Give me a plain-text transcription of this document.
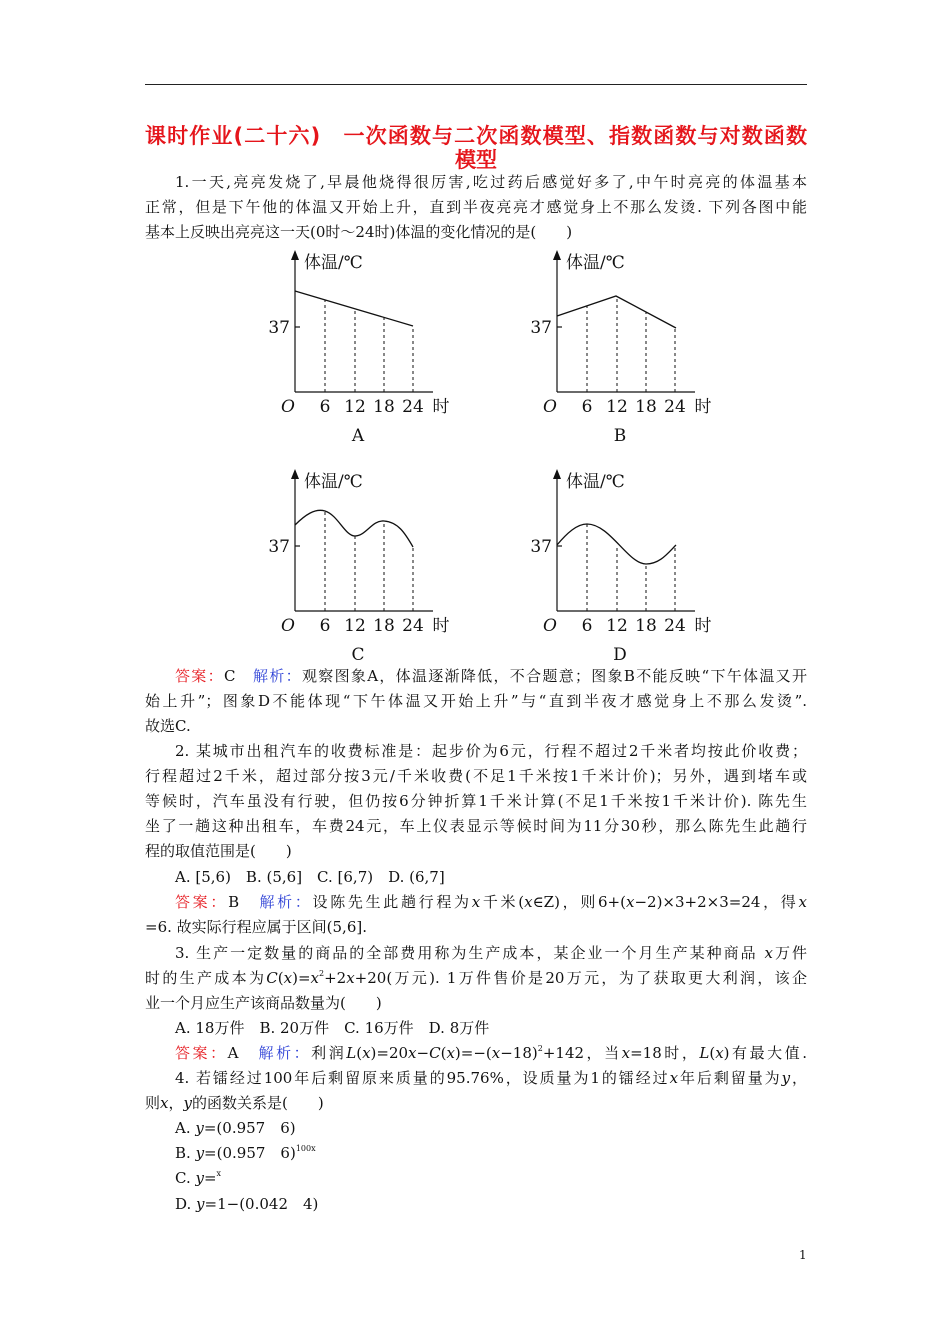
课时作业(二十六)　一次函数与二次函数模型、指数函数与对数函数
模型
6 12 18 24
体温/℃
37
O	时
A
6 12 18 24
体温/℃
37
O	时
B
6 12 18 24
体温/℃
37
O	时
C
6 12 18 24
体温/℃
37
O	时
D
1.一天,亮亮发烧了,早晨他烧得很厉害,吃过药后感觉好多了,中午时亮亮的体温基本
正常，但是下午他的体温又开始上升，直到半夜亮亮才感觉身上不那么发烫. 下列各图中能
基本上反映出亮亮这一天(0时～24时)体温的变化情况的是(　　)
答案：C　解析：观察图象A，体温逐渐降低，不合题意；图象B不能反映“下午体温又开
始上升”；图象D不能体现“下午体温又开始上升”与“直到半夜才感觉身上不那么发烫”.
故选C.
2. 某城市出租汽车的收费标准是：起步价为6元，行程不超过2千米者均按此价收费；
行程超过2千米，超过部分按3元/千米收费(不足1千米按1千米计价)；另外，遇到堵车或
等候时，汽车虽没有行驶，但仍按6分钟折算1千米计算(不足1千米按1千米计价). 陈先生
坐了一趟这种出租车，车费24元，车上仪表显示等候时间为11分30秒，那么陈先生此趟行
程的取值范围是(　　)
A. [5,6)　B. (5,6]　C. [6,7)　D. (6,7]
答案：B　解析：设陈先生此趟行程为x千米(x∈Z)，则6+(x−2)×3+2×3=24，得x
=6. 故实际行程应属于区间(5,6].
3. 生产一定数量的商品的全部费用称为生产成本，某企业一个月生产某种商品 x万件
时的生产成本为$C(x)=x^2+2x+20$(万元). 1万件售价是20万元，为了获取更大利润，该企
业一个月应生产该商品数量为(　　)
A. 18万件　B. 20万件　C. 16万件　D. 8万件
答案：A　解析：利润$L(x)=20x-C(x)=-(x-18)^2+142$，当x=18时，L(x)有最大值.
4. 若镭经过100年后剩留原来质量的95.76%，设质量为1的镭经过x年后剩留量为y，
则x，y的函数关系是(　　)
A. y=(0.957　6)
B. y=(0.957　6)$^{100x}$
C. y=$^x$
D. y=1−(0.042　4)
1
